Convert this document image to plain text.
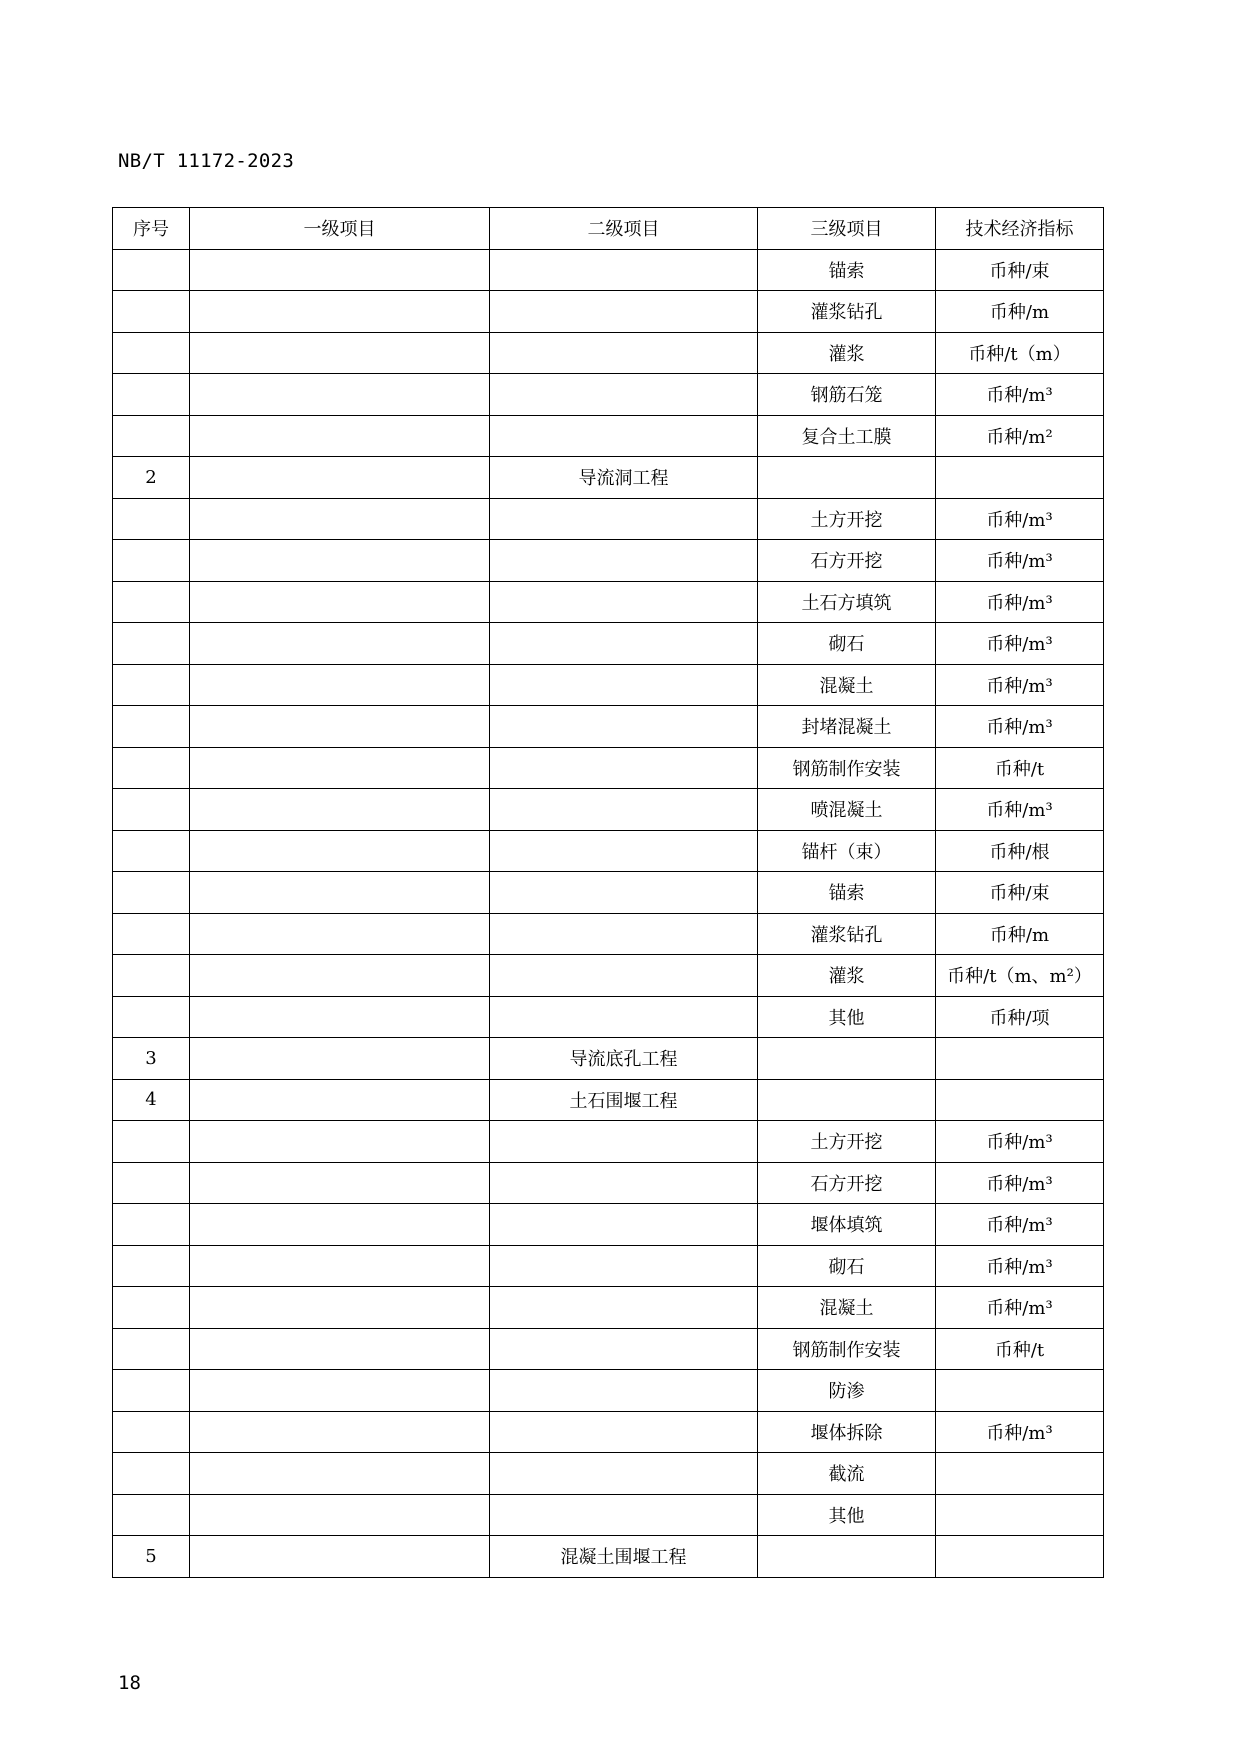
NB/T 11172-2023
序号	一级项目	二级项目	三级项目	技术经济指标
			锚索	币种/束
			灌浆钻孔	币种/m
			灌浆	币种/t（m）
			钢筋石笼	币种/m³
			复合土工膜	币种/m²
2		导流洞工程		
			土方开挖	币种/m³
			石方开挖	币种/m³
			土石方填筑	币种/m³
			砌石	币种/m³
			混凝土	币种/m³
			封堵混凝土	币种/m³
			钢筋制作安装	币种/t
			喷混凝土	币种/m³
			锚杆（束）	币种/根
			锚索	币种/束
			灌浆钻孔	币种/m
			灌浆	币种/t（m、m²）
			其他	币种/项
3		导流底孔工程		
4		土石围堰工程		
			土方开挖	币种/m³
			石方开挖	币种/m³
			堰体填筑	币种/m³
			砌石	币种/m³
			混凝土	币种/m³
			钢筋制作安装	币种/t
			防渗	
			堰体拆除	币种/m³
			截流	
			其他	
5		混凝土围堰工程		
18
